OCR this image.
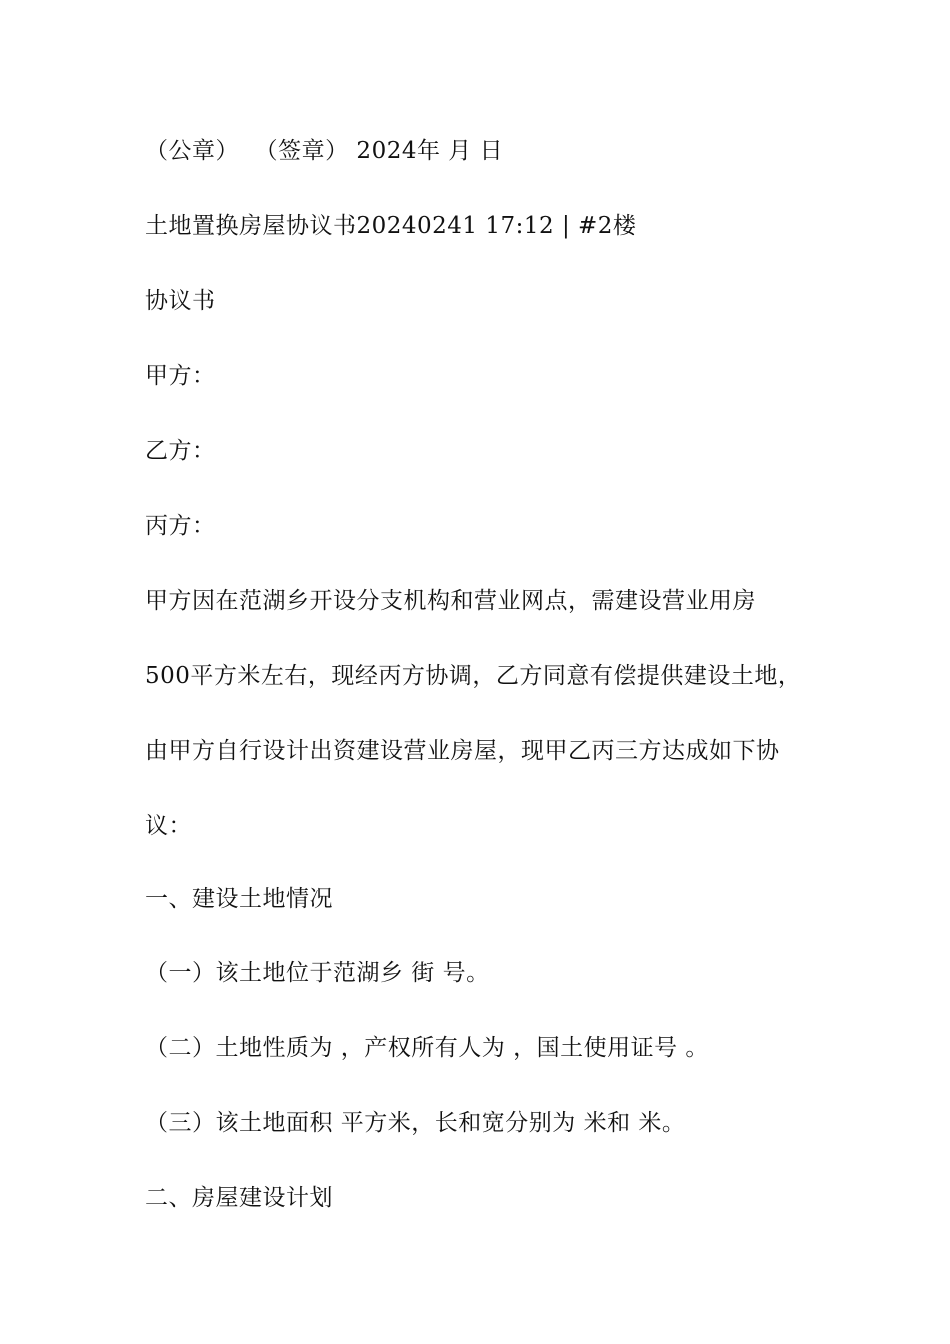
（公章）  （签章） 2024年 月 日
土地置换房屋协议书20240241 17:12 | #2楼
协议书
甲方：
乙方：
丙方：
甲方因在范湖乡开设分支机构和营业网点，需建设营业用房
500平方米左右，现经丙方协调，乙方同意有偿提供建设土地，
由甲方自行设计出资建设营业房屋，现甲乙丙三方达成如下协
议：
一、建设土地情况
（一）该土地位于范湖乡 街 号。
（二）土地性质为 ，产权所有人为 ，国土使用证号 。
（三）该土地面积 平方米，长和宽分别为 米和 米。
二、房屋建设计划
